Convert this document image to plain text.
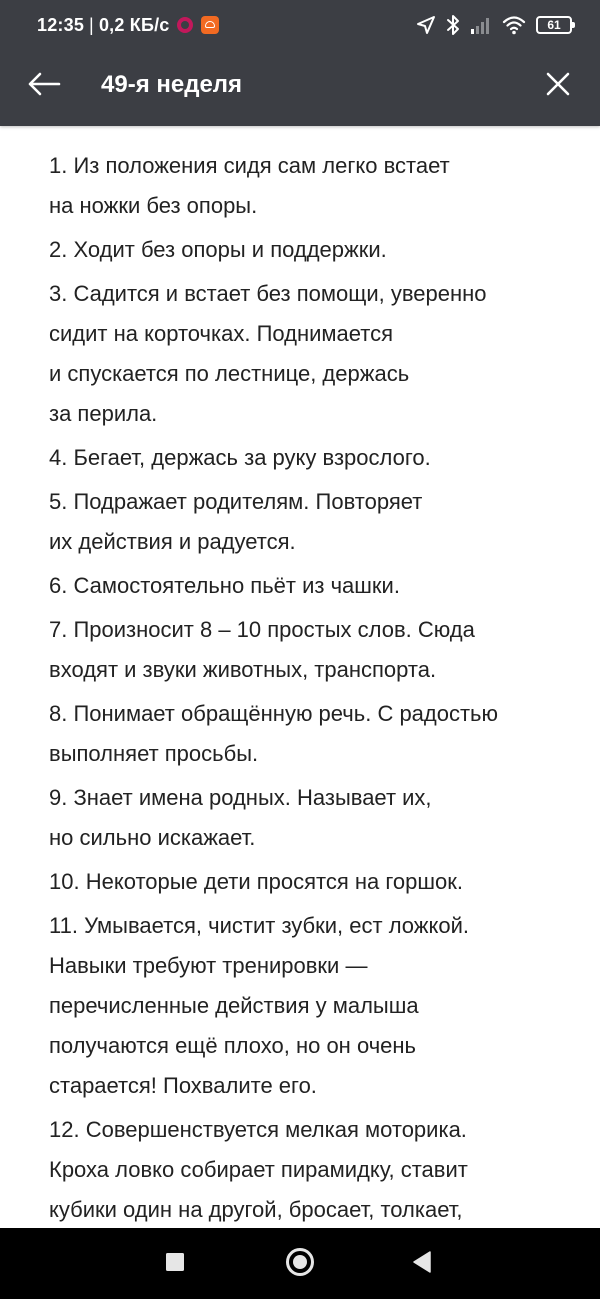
12:35 | 0,2 КБ/с	61
49-я неделя
1. Из положения сидя сам легко встает
на ножки без опоры.
2. Ходит без опоры и поддержки.
3. Садится и встает без помощи, уверенно
сидит на корточках. Поднимается
и спускается по лестнице, держась
за перила.
4. Бегает, держась за руку взрослого.
5. Подражает родителям. Повторяет
их действия и радуется.
6. Самостоятельно пьёт из чашки.
7. Произносит 8 – 10 простых слов. Сюда
входят и звуки животных, транспорта.
8. Понимает обращённую речь. С радостью
выполняет просьбы.
9. Знает имена родных. Называет их,
но сильно искажает.
10. Некоторые дети просятся на горшок.
11. Умывается, чистит зубки, ест ложкой.
Навыки требуют тренировки —
перечисленные действия у малыша
получаются ещё плохо, но он очень
старается! Похвалите его.
12. Совершенствуется мелкая моторика.
Кроха ловко собирает пирамидку, ставит
кубики один на другой, бросает, толкает,
